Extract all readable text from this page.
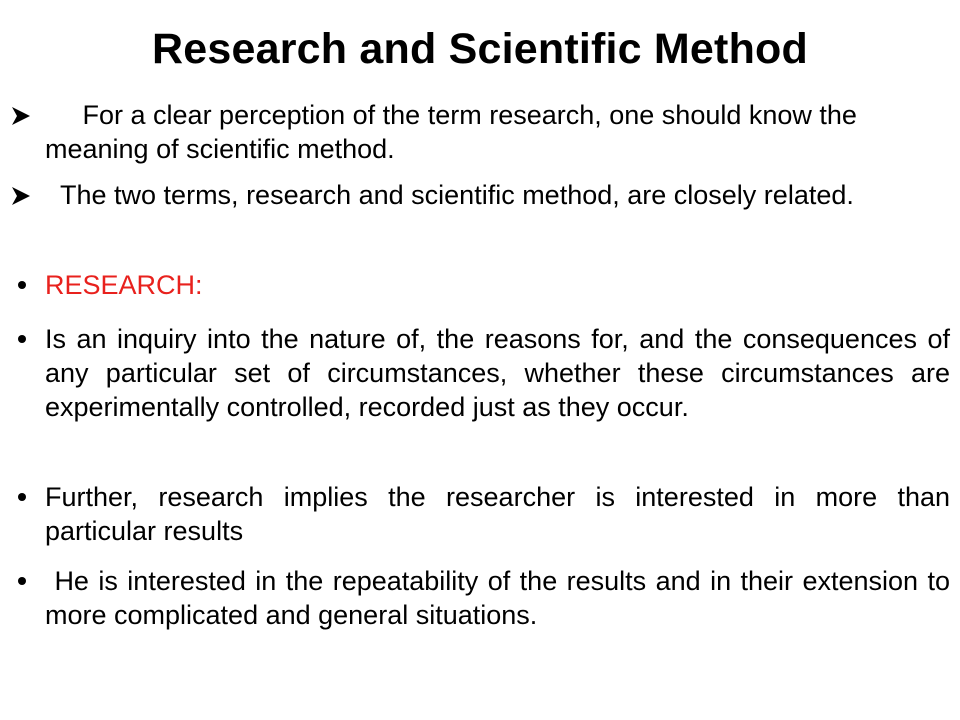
Research and Scientific Method
For a clear perception of the term research, one should know the meaning of scientific method.
The two terms, research and scientific method, are closely related.
RESEARCH:
Is an inquiry into the nature of, the reasons for, and the consequences of any particular set of circumstances, whether these circumstances are experimentally controlled, recorded just as they occur.
Further, research implies the researcher is interested in more than particular results
He is interested in the repeatability of the results and in their extension to more complicated and general situations.
